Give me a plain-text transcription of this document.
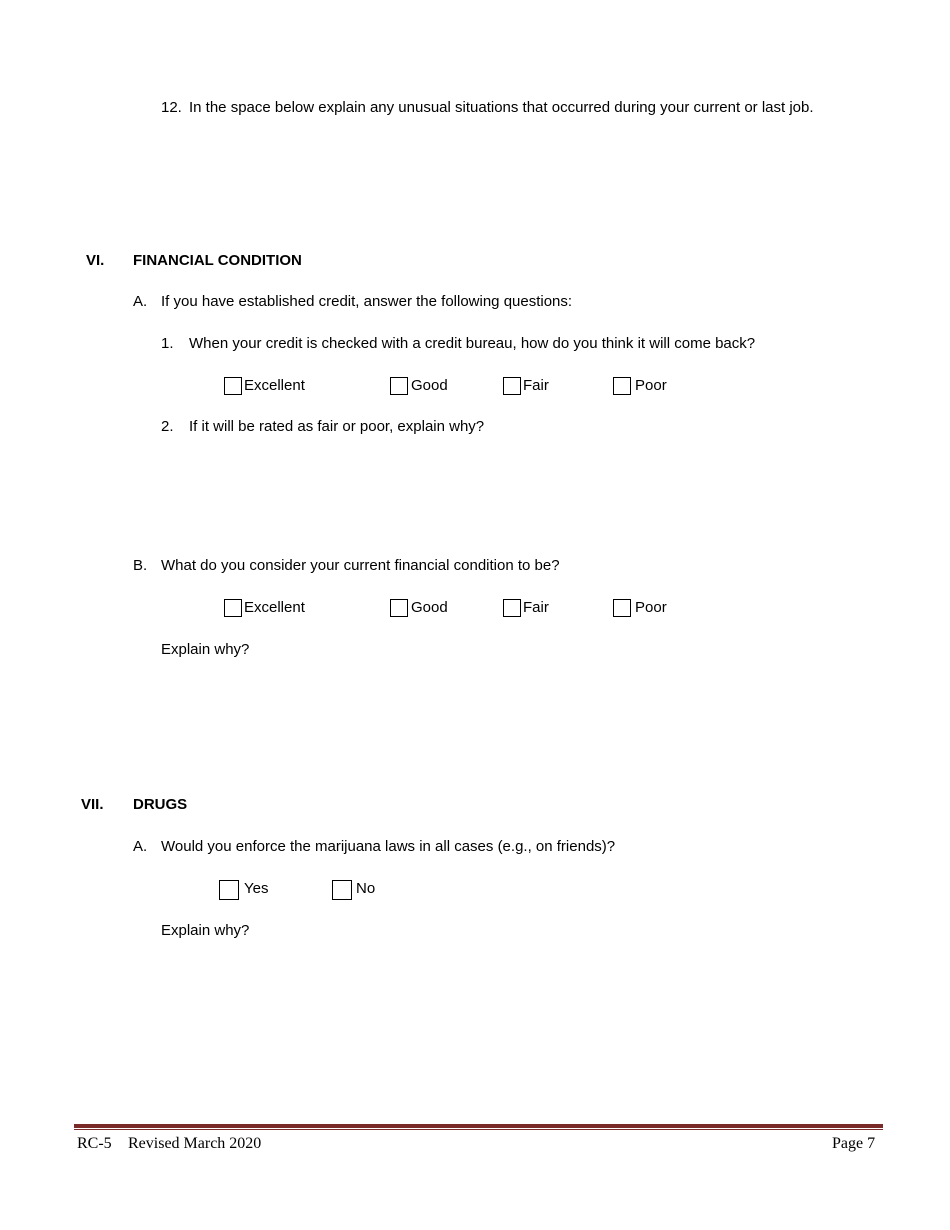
12. In the space below explain any unusual situations that occurred during your current or last job.
VI. FINANCIAL CONDITION
A. If you have established credit, answer the following questions:
1. When your credit is checked with a credit bureau, how do you think it will come back?
Excellent	Good	Fair	Poor
2. If it will be rated as fair or poor, explain why?
B. What do you consider your current financial condition to be?
Excellent	Good	Fair	Poor
Explain why?
VII. DRUGS
A. Would you enforce the marijuana laws in all cases (e.g., on friends)?
Yes	No
Explain why?
RC-5 Revised March 2020	Page 7
